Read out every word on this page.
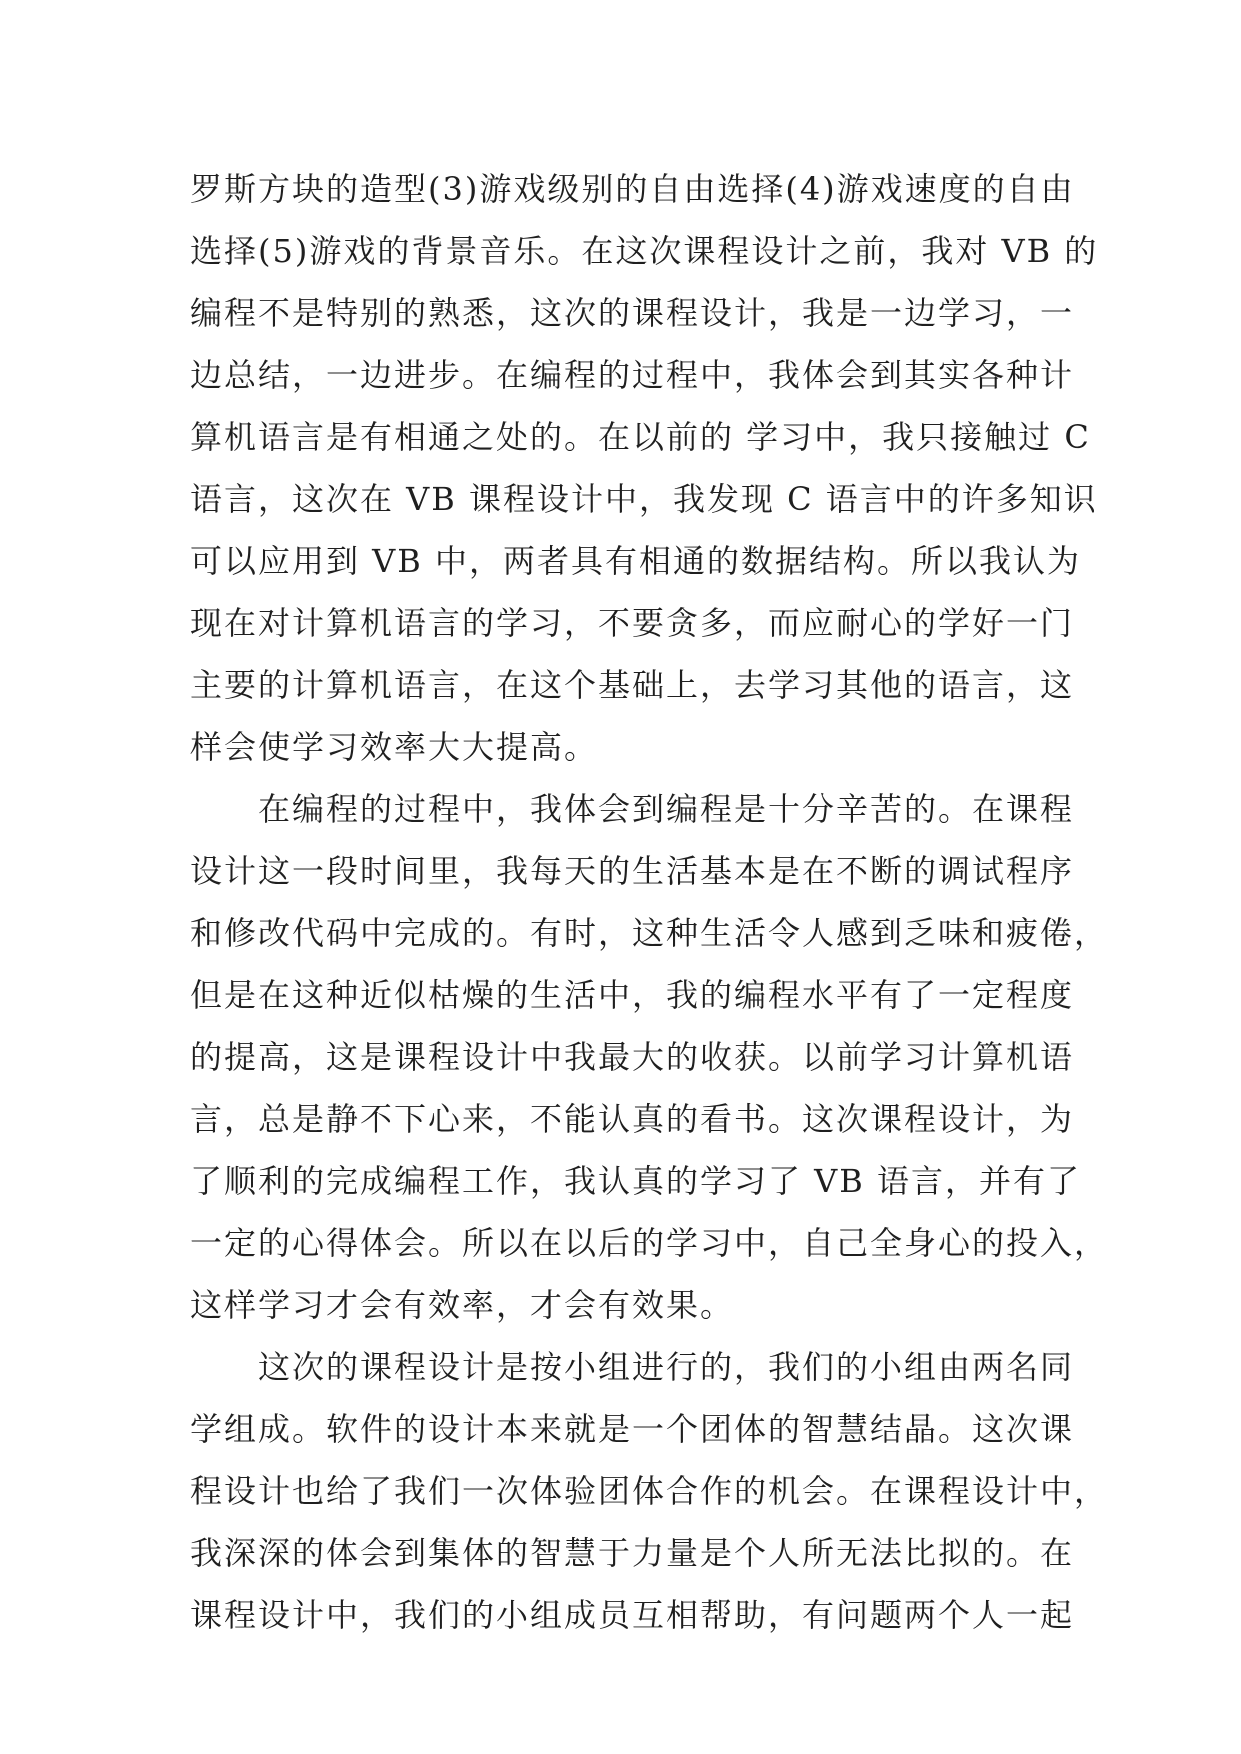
罗斯方块的造型(3)游戏级别的自由选择(4)游戏速度的自由
选择(5)游戏的背景音乐。在这次课程设计之前，我对 VB 的
编程不是特别的熟悉，这次的课程设计，我是一边学习，一
边总结，一边进步。在编程的过程中，我体会到其实各种计
算机语言是有相通之处的。在以前的 学习中，我只接触过 C
语言，这次在 VB 课程设计中，我发现 C 语言中的许多知识
可以应用到 VB 中，两者具有相通的数据结构。所以我认为
现在对计算机语言的学习，不要贪多，而应耐心的学好一门
主要的计算机语言，在这个基础上，去学习其他的语言，这
样会使学习效率大大提高。
在编程的过程中，我体会到编程是十分辛苦的。在课程
设计这一段时间里，我每天的生活基本是在不断的调试程序
和修改代码中完成的。有时，这种生活令人感到乏味和疲倦，
但是在这种近似枯燥的生活中，我的编程水平有了一定程度
的提高，这是课程设计中我最大的收获。以前学习计算机语
言，总是静不下心来，不能认真的看书。这次课程设计，为
了顺利的完成编程工作，我认真的学习了 VB 语言，并有了
一定的心得体会。所以在以后的学习中，自己全身心的投入，
这样学习才会有效率，才会有效果。
这次的课程设计是按小组进行的，我们的小组由两名同
学组成。软件的设计本来就是一个团体的智慧结晶。这次课
程设计也给了我们一次体验团体合作的机会。在课程设计中，
我深深的体会到集体的智慧于力量是个人所无法比拟的。在
课程设计中，我们的小组成员互相帮助，有问题两个人一起
